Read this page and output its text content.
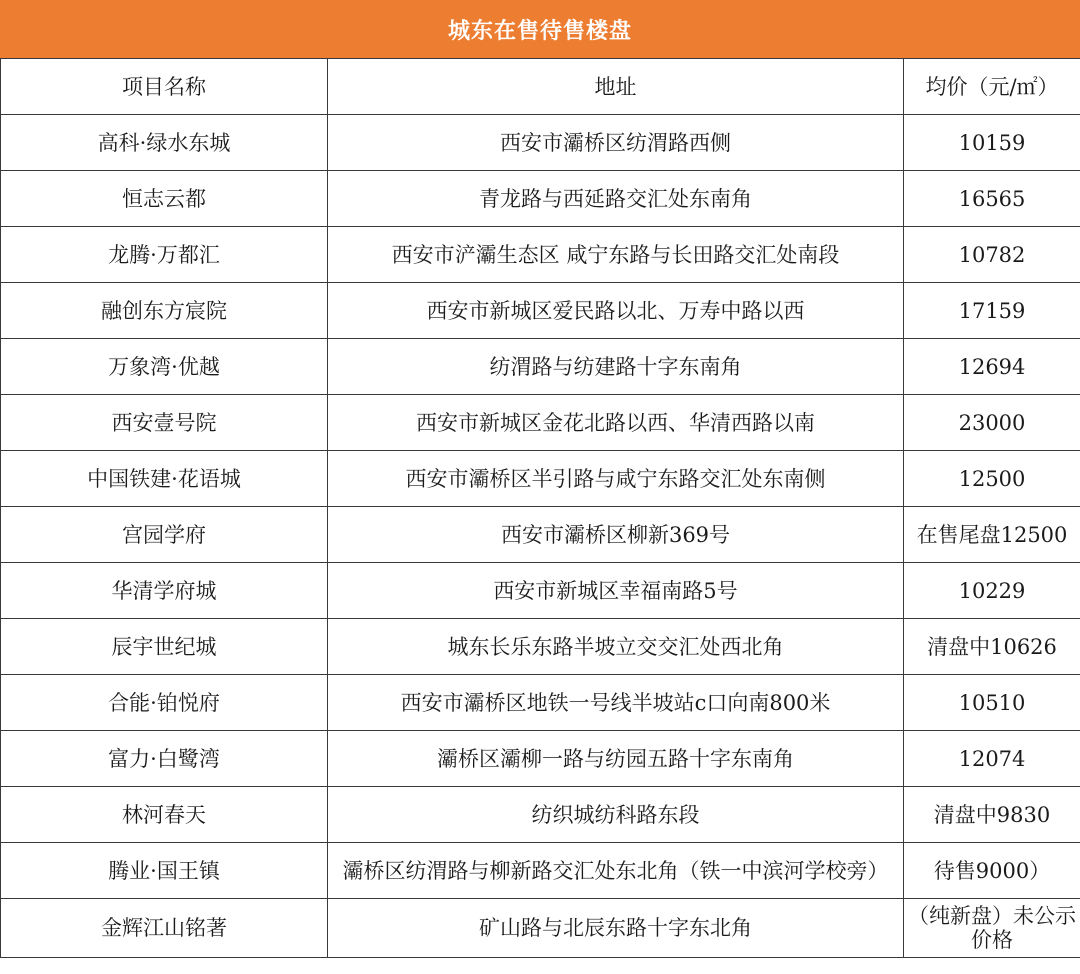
城东在售待售楼盘
项目名称	地址	均价（元/㎡）
高科·绿水东城	西安市灞桥区纺渭路西侧	10159
恒志云都	青龙路与西延路交汇处东南角	16565
龙腾·万都汇	西安市浐灞生态区 咸宁东路与长田路交汇处南段	10782
融创东方宸院	西安市新城区爱民路以北、万寿中路以西	17159
万象湾·优越	纺渭路与纺建路十字东南角	12694
西安壹号院	西安市新城区金花北路以西、华清西路以南	23000
中国铁建·花语城	西安市灞桥区半引路与咸宁东路交汇处东南侧	12500
宫园学府	西安市灞桥区柳新369号	在售尾盘12500
华清学府城	西安市新城区幸福南路5号	10229
辰宇世纪城	城东长乐东路半坡立交交汇处西北角	清盘中10626
合能·铂悦府	西安市灞桥区地铁一号线半坡站c口向南800米	10510
富力·白鹭湾	灞桥区灞柳一路与纺园五路十字东南角	12074
林河春天	纺织城纺科路东段	清盘中9830
腾业·国王镇	灞桥区纺渭路与柳新路交汇处东北角（铁一中滨河学校旁）	待售9000）
金辉江山铭著	矿山路与北辰东路十字东北角	（纯新盘）未公示价格
